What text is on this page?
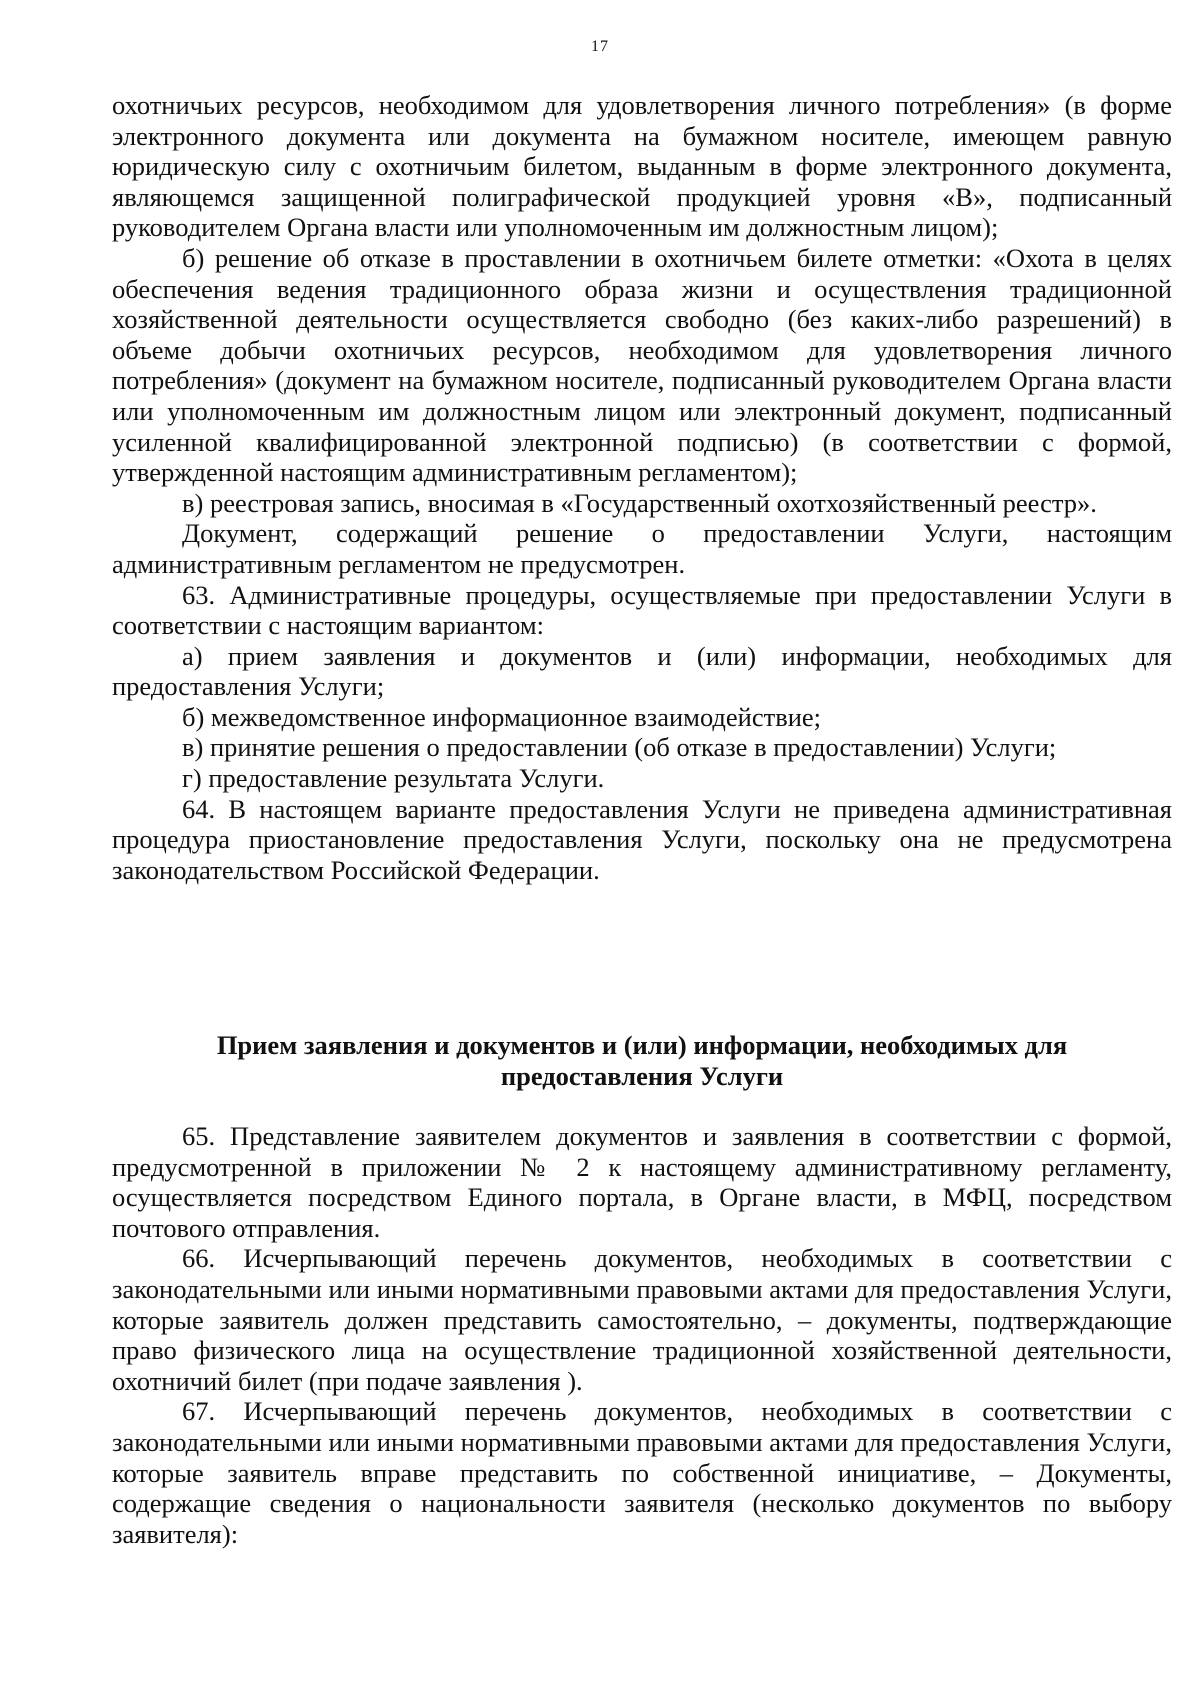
17

охотничьих ресурсов, необходимом для удовлетворения личного потребления» (в форме электронного документа или документа на бумажном носителе, имеющем равную юридическую силу с охотничьим билетом, выданным в форме электронного документа, являющемся защищенной полиграфической продукцией уровня «В», подписанный руководителем Органа власти или уполномоченным им должностным лицом);

б) решение об отказе в проставлении в охотничьем билете отметки: «Охота в целях обеспечения ведения традиционного образа жизни и осуществления традиционной хозяйственной деятельности осуществляется свободно (без каких-либо разрешений) в объеме добычи охотничьих ресурсов, необходимом для удовлетворения личного потребления» (документ на бумажном носителе, подписанный руководителем Органа власти или уполномоченным им должностным лицом или электронный документ, подписанный усиленной квалифицированной электронной подписью) (в соответствии с формой, утвержденной настоящим административным регламентом);

в) реестровая запись, вносимая в «Государственный охотхозяйственный реестр».

Документ, содержащий решение о предоставлении Услуги, настоящим административным регламентом не предусмотрен.

63. Административные процедуры, осуществляемые при предоставлении Услуги в соответствии с настоящим вариантом:

а) прием заявления и документов и (или) информации, необходимых для предоставления Услуги;

б) межведомственное информационное взаимодействие;

в) принятие решения о предоставлении (об отказе в предоставлении) Услуги;

г) предоставление результата Услуги.

64. В настоящем варианте предоставления Услуги не приведена административная процедура приостановление предоставления Услуги, поскольку она не предусмотрена законодательством Российской Федерации.

Прием заявления и документов и (или) информации, необходимых для
предоставления Услуги

65. Представление заявителем документов и заявления в соответствии с формой, предусмотренной в приложении № 2 к настоящему административному регламенту, осуществляется посредством Единого портала, в Органе власти, в МФЦ, посредством почтового отправления.

66. Исчерпывающий перечень документов, необходимых в соответствии с законодательными или иными нормативными правовыми актами для предоставления Услуги, которые заявитель должен представить самостоятельно, – документы, подтверждающие право физического лица на осуществление традиционной хозяйственной деятельности, охотничий билет (при подаче заявления ).

67. Исчерпывающий перечень документов, необходимых в соответствии с законодательными или иными нормативными правовыми актами для предоставления Услуги, которые заявитель вправе представить по собственной инициативе, – Документы, содержащие сведения о национальности заявителя (несколько документов по выбору заявителя):
